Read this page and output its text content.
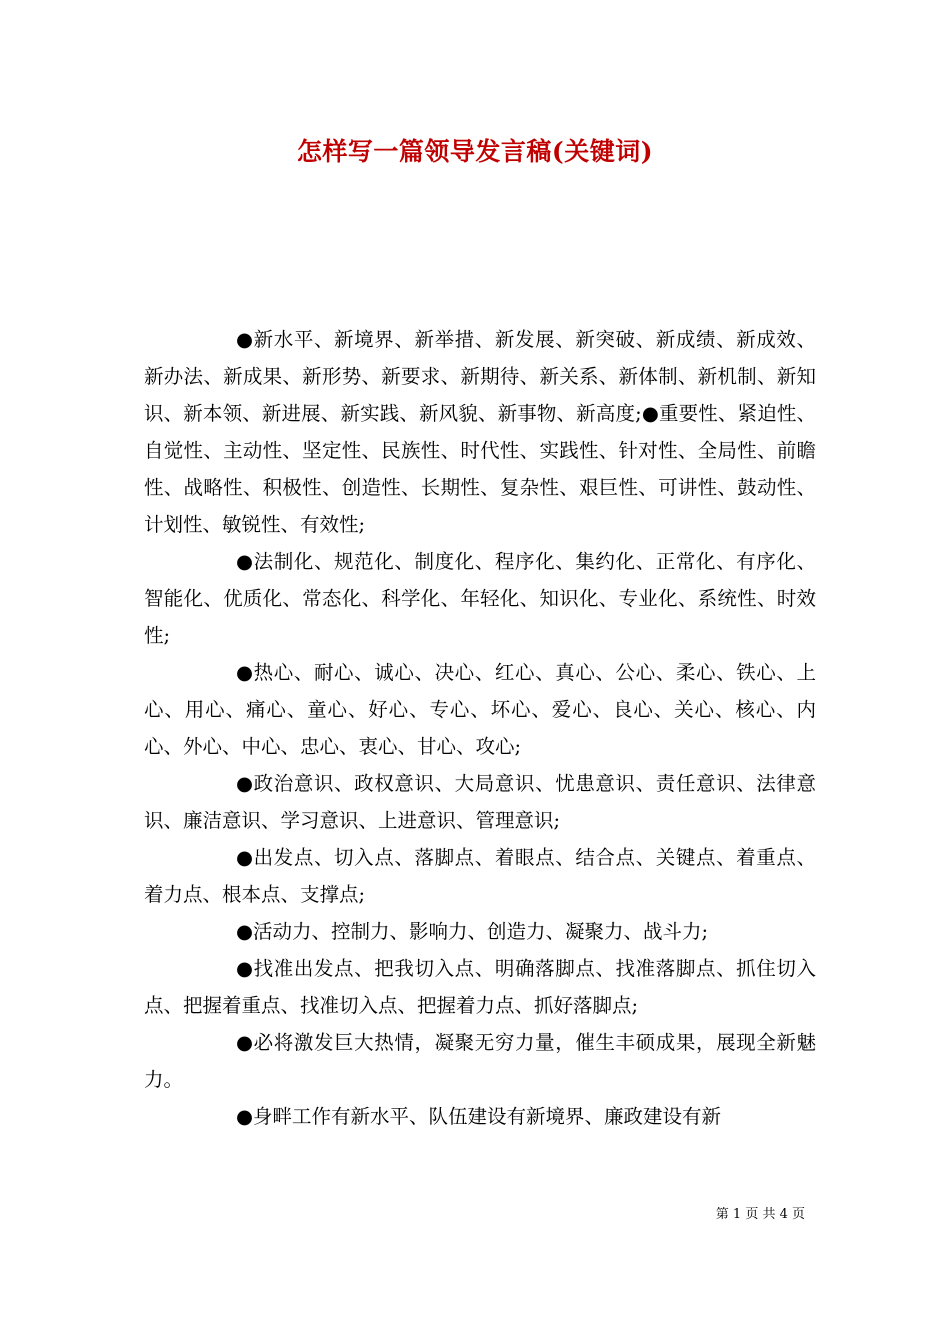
怎样写一篇领导发言稿(关键词)

●新水平、新境界、新举措、新发展、新突破、新成绩、新成效、新办法、新成果、新形势、新要求、新期待、新关系、新体制、新机制、新知识、新本领、新进展、新实践、新风貌、新事物、新高度;●重要性、紧迫性、自觉性、主动性、坚定性、民族性、时代性、实践性、针对性、全局性、前瞻性、战略性、积极性、创造性、长期性、复杂性、艰巨性、可讲性、鼓动性、计划性、敏锐性、有效性;

●法制化、规范化、制度化、程序化、集约化、正常化、有序化、智能化、优质化、常态化、科学化、年轻化、知识化、专业化、系统性、时效性;

●热心、耐心、诚心、决心、红心、真心、公心、柔心、铁心、上心、用心、痛心、童心、好心、专心、坏心、爱心、良心、关心、核心、内心、外心、中心、忠心、衷心、甘心、攻心;

●政治意识、政权意识、大局意识、忧患意识、责任意识、法律意识、廉洁意识、学习意识、上进意识、管理意识;

●出发点、切入点、落脚点、着眼点、结合点、关键点、着重点、着力点、根本点、支撑点;

●活动力、控制力、影响力、创造力、凝聚力、战斗力;

●找准出发点、把我切入点、明确落脚点、找准落脚点、抓住切入点、把握着重点、找准切入点、把握着力点、抓好落脚点;

●必将激发巨大热情，凝聚无穷力量，催生丰硕成果，展现全新魅力。

●身畔工作有新水平、队伍建设有新境界、廉政建设有新

第 1 页 共 4 页
